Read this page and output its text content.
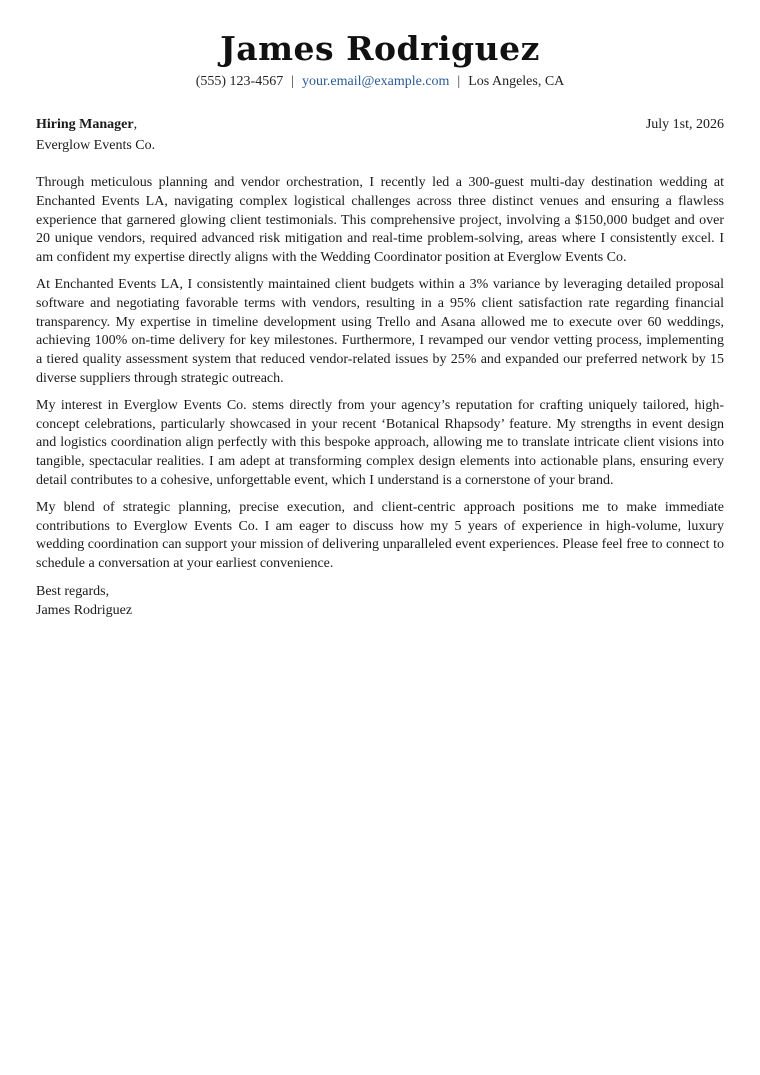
James Rodriguez
(555) 123-4567 | your.email@example.com | Los Angeles, CA
Hiring Manager,	July 1st, 2026
Everglow Events Co.

Through meticulous planning and vendor orchestration, I recently led a 300-guest multi-day destination wedding at Enchanted Events LA, navigating complex logistical challenges across three distinct venues and ensuring a flawless experience that garnered glowing client testimonials. This comprehensive project, involving a $150,000 budget and over 20 unique vendors, required advanced risk mitigation and real-time problem-solving, areas where I consistently excel. I am confident my expertise directly aligns with the Wedding Coordinator position at Everglow Events Co.

At Enchanted Events LA, I consistently maintained client budgets within a 3% variance by leveraging detailed proposal software and negotiating favorable terms with vendors, resulting in a 95% client satisfaction rate regarding financial transparency. My expertise in timeline development using Trello and Asana allowed me to execute over 60 weddings, achieving 100% on-time delivery for key milestones. Furthermore, I revamped our vendor vetting process, implementing a tiered quality assessment system that reduced vendor-related issues by 25% and expanded our preferred network by 15 diverse suppliers through strategic outreach.

My interest in Everglow Events Co. stems directly from your agency’s reputation for crafting uniquely tailored, high-concept celebrations, particularly showcased in your recent ‘Botanical Rhapsody’ feature. My strengths in event design and logistics coordination align perfectly with this bespoke approach, allowing me to translate intricate client visions into tangible, spectacular realities. I am adept at transforming complex design elements into actionable plans, ensuring every detail contributes to a cohesive, unforgettable event, which I understand is a cornerstone of your brand.

My blend of strategic planning, precise execution, and client-centric approach positions me to make immediate contributions to Everglow Events Co. I am eager to discuss how my 5 years of experience in high-volume, luxury wedding coordination can support your mission of delivering unparalleled event experiences. Please feel free to connect to schedule a conversation at your earliest convenience.

Best regards,
James Rodriguez
